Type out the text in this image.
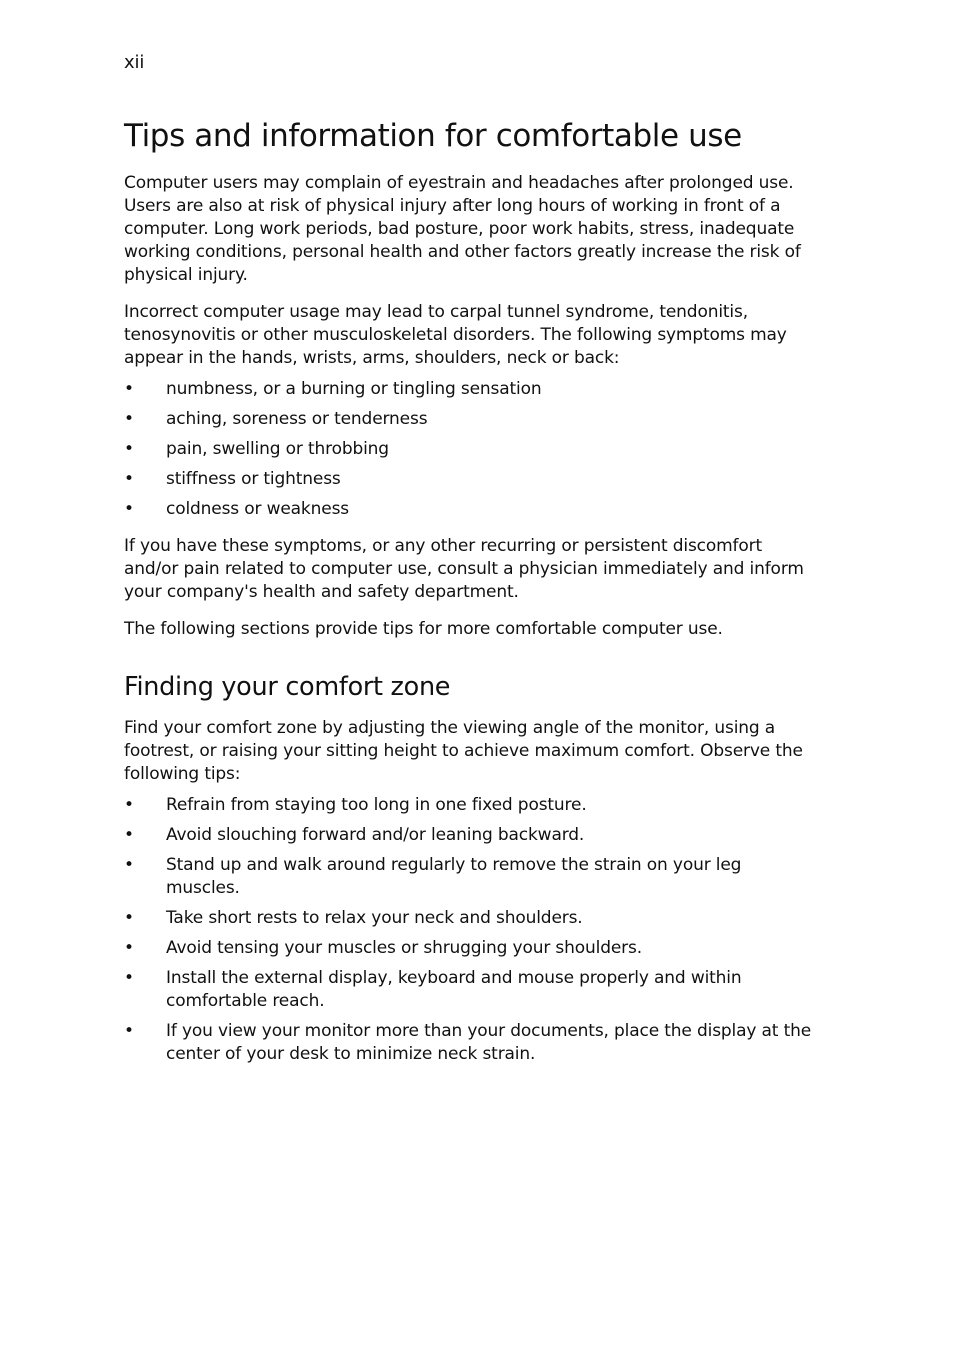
xii

Tips and information for comfortable use

Computer users may complain of eyestrain and headaches after prolonged use. Users are also at risk of physical injury after long hours of working in front of a computer. Long work periods, bad posture, poor work habits, stress, inadequate working conditions, personal health and other factors greatly increase the risk of physical injury.

Incorrect computer usage may lead to carpal tunnel syndrome, tendonitis, tenosynovitis or other musculoskeletal disorders. The following symptoms may appear in the hands, wrists, arms, shoulders, neck or back:

• numbness, or a burning or tingling sensation
• aching, soreness or tenderness
• pain, swelling or throbbing
• stiffness or tightness
• coldness or weakness

If you have these symptoms, or any other recurring or persistent discomfort and/or pain related to computer use, consult a physician immediately and inform your company's health and safety department.

The following sections provide tips for more comfortable computer use.

Finding your comfort zone

Find your comfort zone by adjusting the viewing angle of the monitor, using a footrest, or raising your sitting height to achieve maximum comfort. Observe the following tips:

• Refrain from staying too long in one fixed posture.
• Avoid slouching forward and/or leaning backward.
• Stand up and walk around regularly to remove the strain on your leg muscles.
• Take short rests to relax your neck and shoulders.
• Avoid tensing your muscles or shrugging your shoulders.
• Install the external display, keyboard and mouse properly and within comfortable reach.
• If you view your monitor more than your documents, place the display at the center of your desk to minimize neck strain.
